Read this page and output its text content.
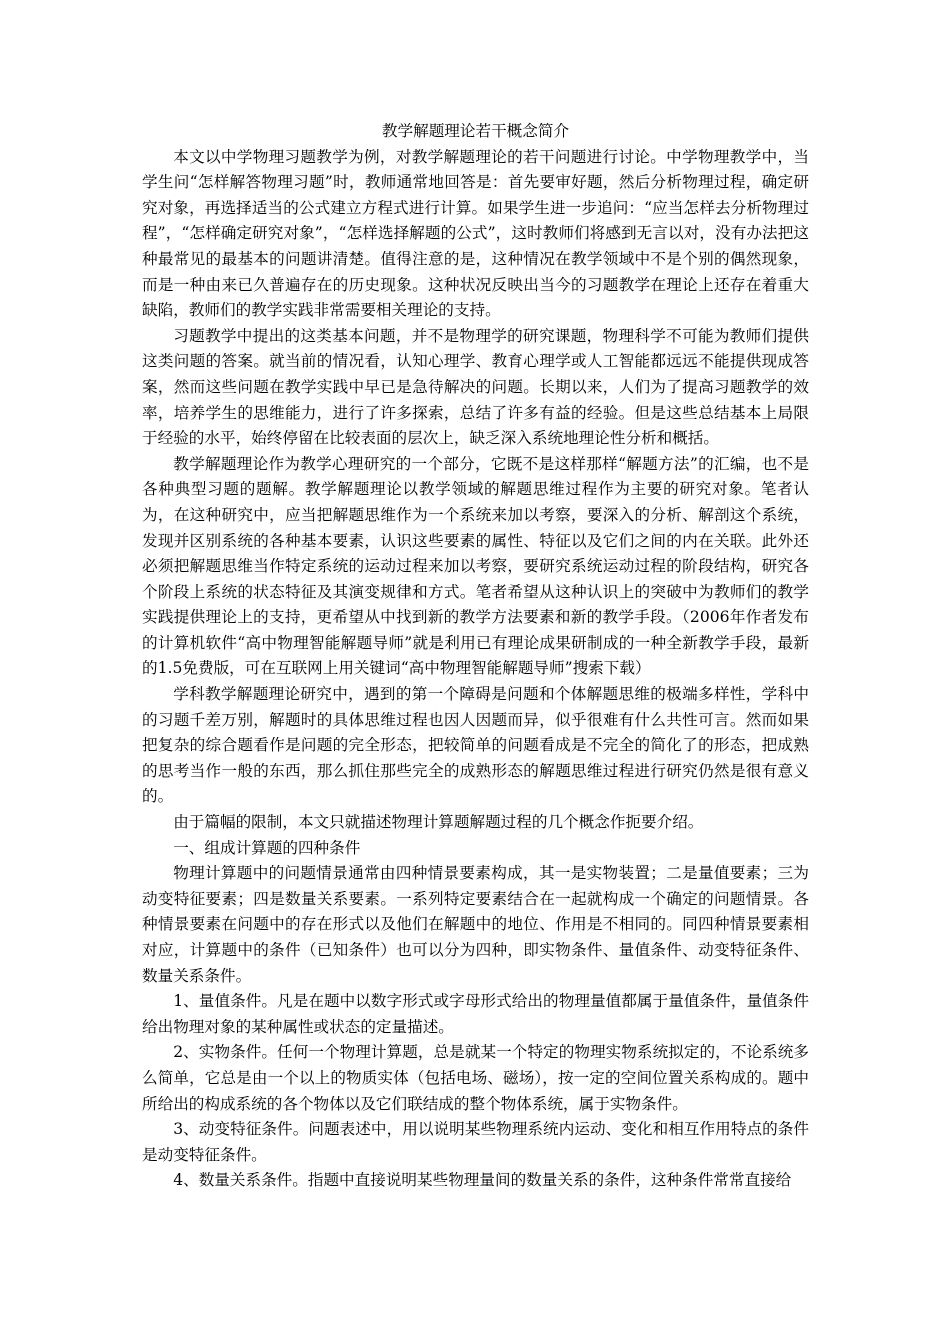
教学解题理论若干概念简介

本文以中学物理习题教学为例，对教学解题理论的若干问题进行讨论。中学物理教学中，当学生问“怎样解答物理习题”时，教师通常地回答是：首先要审好题，然后分析物理过程，确定研究对象，再选择适当的公式建立方程式进行计算。如果学生进一步追问：“应当怎样去分析物理过程”，“怎样确定研究对象”，“怎样选择解题的公式”，这时教师们将感到无言以对，没有办法把这种最常见的最基本的问题讲清楚。值得注意的是，这种情况在教学领域中不是个别的偶然现象，而是一种由来已久普遍存在的历史现象。这种状况反映出当今的习题教学在理论上还存在着重大缺陷，教师们的教学实践非常需要相关理论的支持。

习题教学中提出的这类基本问题，并不是物理学的研究课题，物理科学不可能为教师们提供这类问题的答案。就当前的情况看，认知心理学、教育心理学或人工智能都远远不能提供现成答案，然而这些问题在教学实践中早已是急待解决的问题。长期以来，人们为了提高习题教学的效率，培养学生的思维能力，进行了许多探索，总结了许多有益的经验。但是这些总结基本上局限于经验的水平，始终停留在比较表面的层次上，缺乏深入系统地理论性分析和概括。

教学解题理论作为教学心理研究的一个部分，它既不是这样那样“解题方法”的汇编，也不是各种典型习题的题解。教学解题理论以教学领域的解题思维过程作为主要的研究对象。笔者认为，在这种研究中，应当把解题思维作为一个系统来加以考察，要深入的分析、解剖这个系统，发现并区别系统的各种基本要素，认识这些要素的属性、特征以及它们之间的内在关联。此外还必须把解题思维当作特定系统的运动过程来加以考察，要研究系统运动过程的阶段结构，研究各个阶段上系统的状态特征及其演变规律和方式。笔者希望从这种认识上的突破中为教师们的教学实践提供理论上的支持，更希望从中找到新的教学方法要素和新的教学手段。（2006年作者发布的计算机软件“高中物理智能解题导师”就是利用已有理论成果研制成的一种全新教学手段，最新的1.5免费版，可在互联网上用关键词“高中物理智能解题导师”搜索下载）

学科教学解题理论研究中，遇到的第一个障碍是问题和个体解题思维的极端多样性，学科中的习题千差万别，解题时的具体思维过程也因人因题而异，似乎很难有什么共性可言。然而如果把复杂的综合题看作是问题的完全形态，把较简单的问题看成是不完全的简化了的形态，把成熟的思考当作一般的东西，那么抓住那些完全的成熟形态的解题思维过程进行研究仍然是很有意义的。

由于篇幅的限制，本文只就描述物理计算题解题过程的几个概念作扼要介绍。

一、组成计算题的四种条件

物理计算题中的问题情景通常由四种情景要素构成，其一是实物装置；二是量值要素；三为动变特征要素；四是数量关系要素。一系列特定要素结合在一起就构成一个确定的问题情景。各种情景要素在问题中的存在形式以及他们在解题中的地位、作用是不相同的。同四种情景要素相对应，计算题中的条件（已知条件）也可以分为四种，即实物条件、量值条件、动变特征条件、数量关系条件。

1、量值条件。凡是在题中以数字形式或字母形式给出的物理量值都属于量值条件，量值条件给出物理对象的某种属性或状态的定量描述。

2、实物条件。任何一个物理计算题，总是就某一个特定的物理实物系统拟定的，不论系统多么简单，它总是由一个以上的物质实体（包括电场、磁场），按一定的空间位置关系构成的。题中所给出的构成系统的各个物体以及它们联结成的整个物体系统，属于实物条件。

3、动变特征条件。问题表述中，用以说明某些物理系统内运动、变化和相互作用特点的条件是动变特征条件。

4、数量关系条件。指题中直接说明某些物理量间的数量关系的条件，这种条件常常直接给
